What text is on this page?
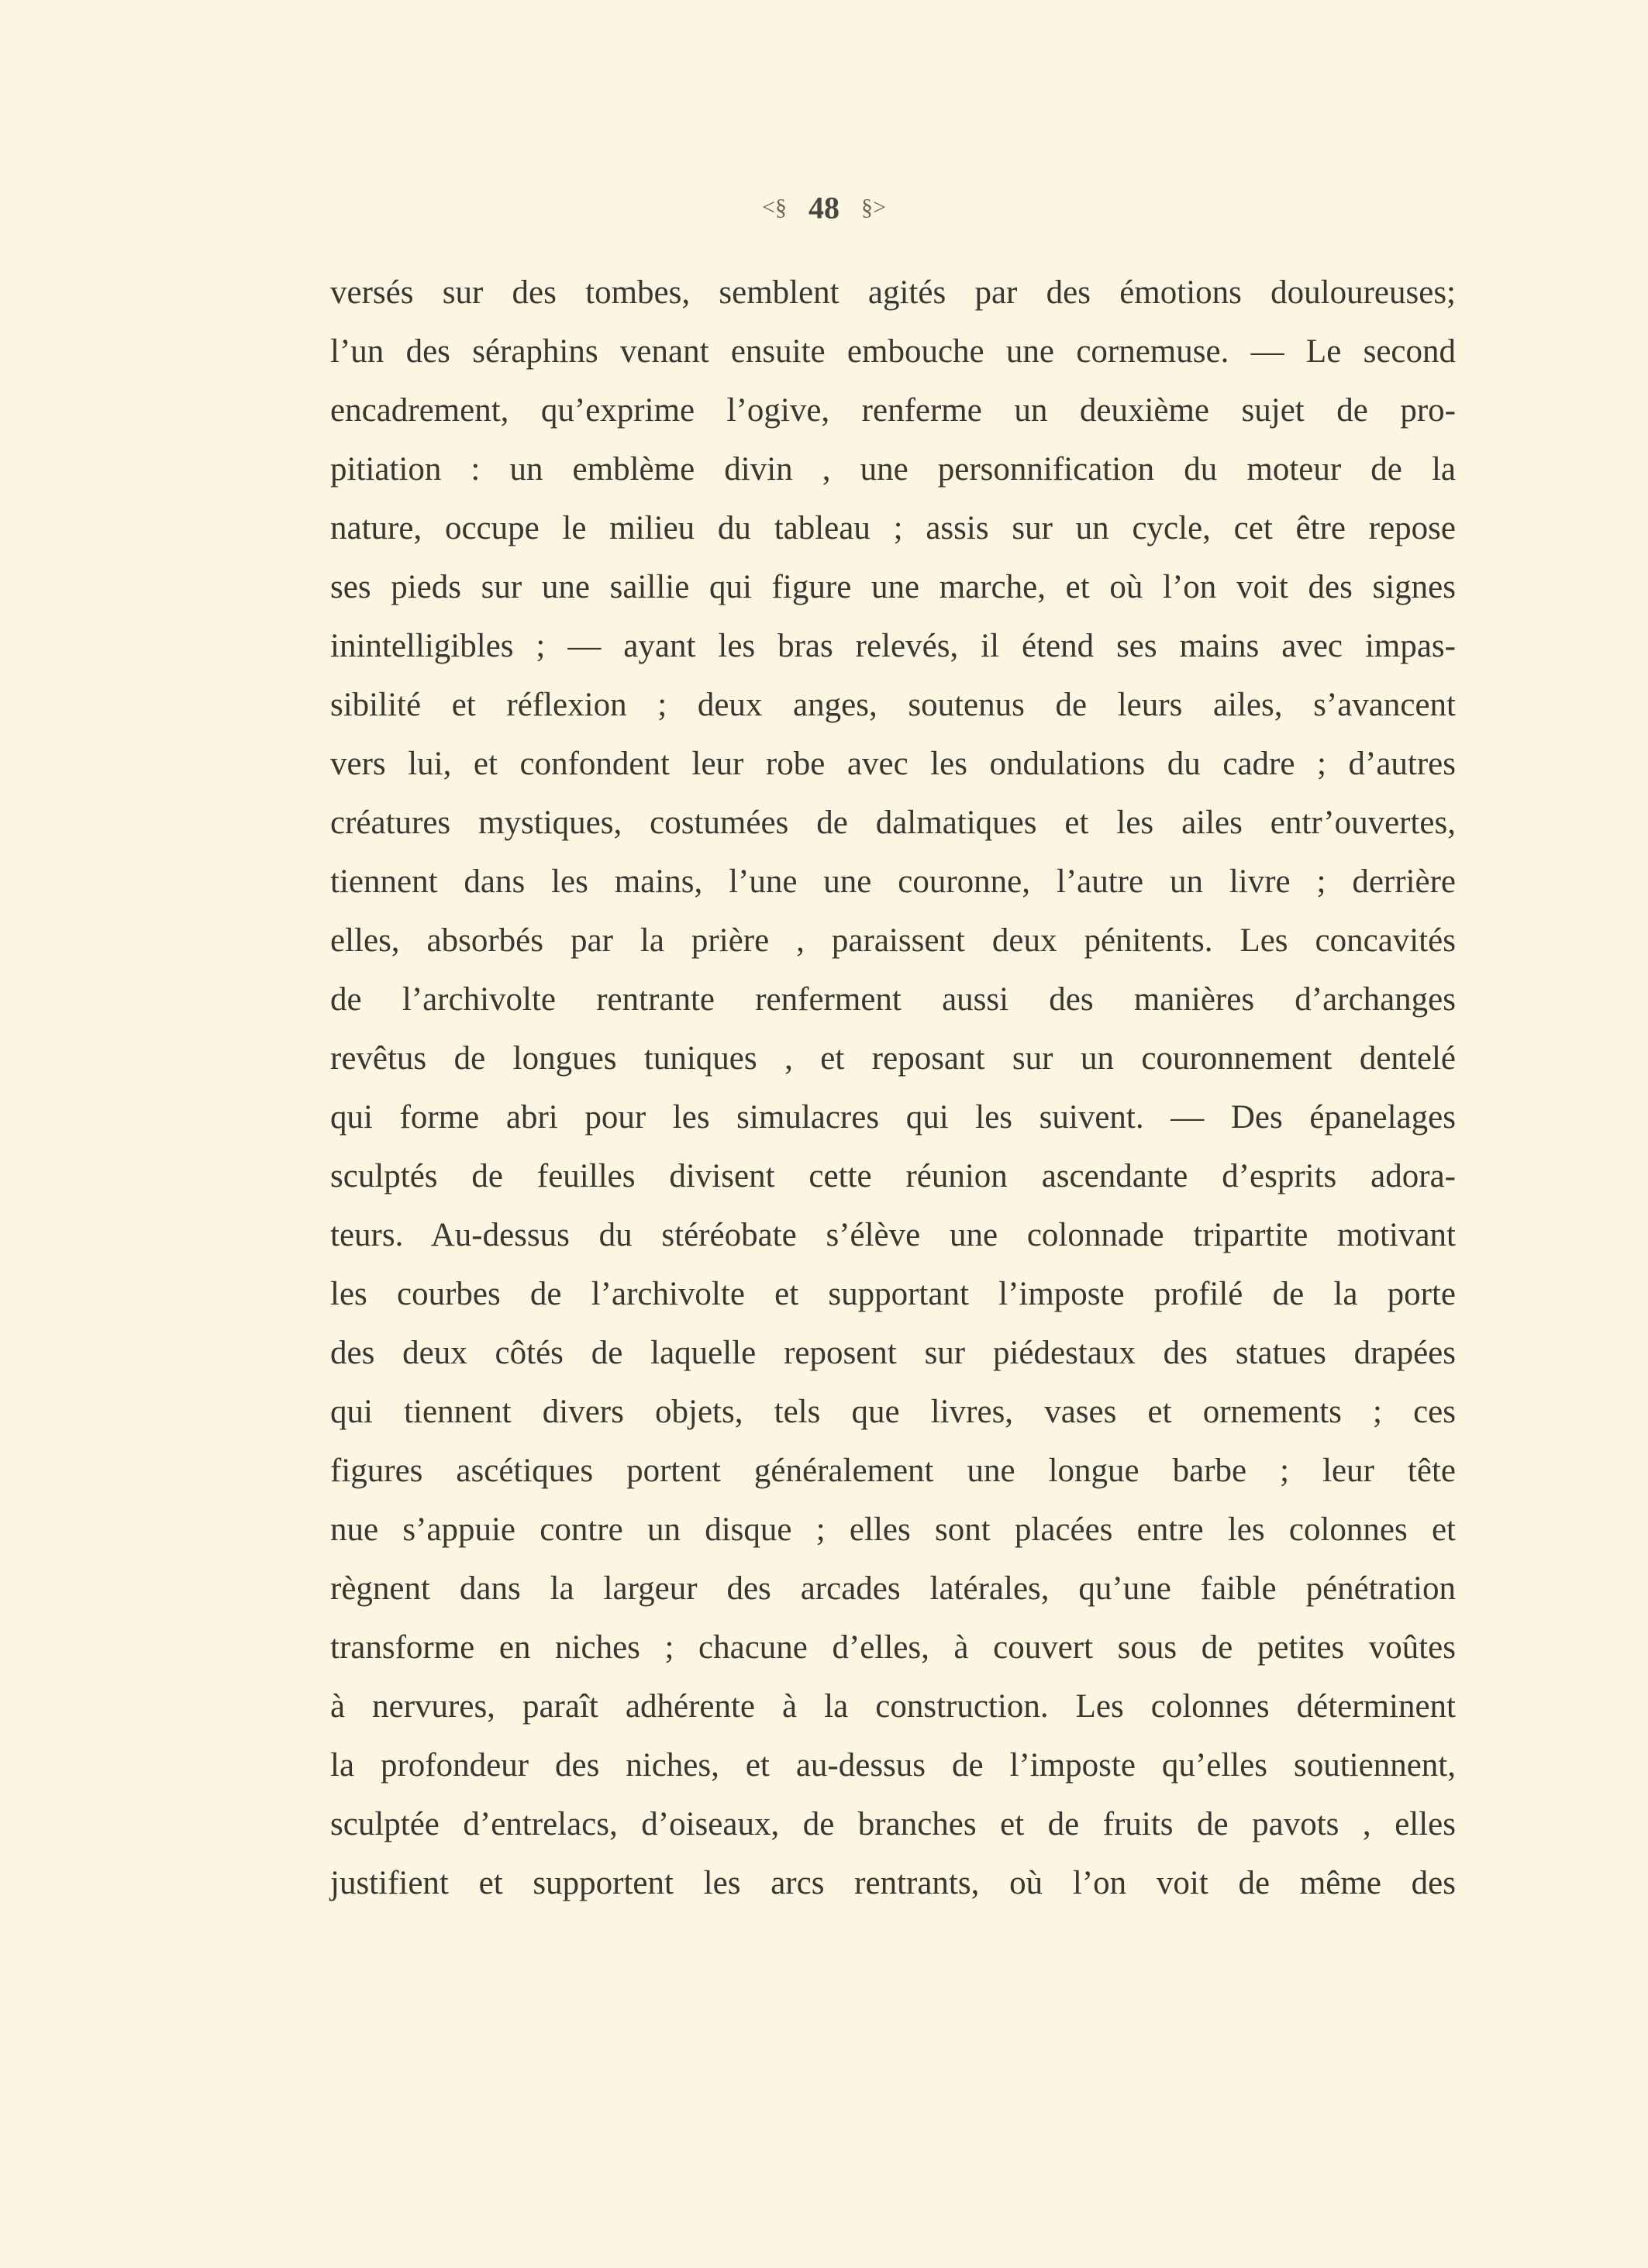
<§ 48 §>
versés sur des tombes, semblent agités par des émotions douloureuses;
l’un des séraphins venant ensuite embouche une cornemuse. — Le second
encadrement, qu’exprime l’ogive, renferme un deuxième sujet de pro-
pitiation : un emblème divin , une personnification du moteur de la
nature, occupe le milieu du tableau ; assis sur un cycle, cet être repose
ses pieds sur une saillie qui figure une marche, et où l’on voit des signes
inintelligibles ; — ayant les bras relevés, il étend ses mains avec impas-
sibilité et réflexion ; deux anges, soutenus de leurs ailes, s’avancent
vers lui, et confondent leur robe avec les ondulations du cadre ; d’autres
créatures mystiques, costumées de dalmatiques et les ailes entr’ouvertes,
tiennent dans les mains, l’une une couronne, l’autre un livre ; derrière
elles, absorbés par la prière , paraissent deux pénitents. Les concavités
de l’archivolte rentrante renferment aussi des manières d’archanges
revêtus de longues tuniques , et reposant sur un couronnement dentelé
qui forme abri pour les simulacres qui les suivent. — Des épanelages
sculptés de feuilles divisent cette réunion ascendante d’esprits adora-
teurs. Au-dessus du stéréobate s’élève une colonnade tripartite motivant
les courbes de l’archivolte et supportant l’imposte profilé de la porte
des deux côtés de laquelle reposent sur piédestaux des statues drapées
qui tiennent divers objets, tels que livres, vases et ornements ; ces
figures ascétiques portent généralement une longue barbe ; leur tête
nue s’appuie contre un disque ; elles sont placées entre les colonnes et
règnent dans la largeur des arcades latérales, qu’une faible pénétration
transforme en niches ; chacune d’elles, à couvert sous de petites voûtes
à nervures, paraît adhérente à la construction. Les colonnes déterminent
la profondeur des niches, et au-dessus de l’imposte qu’elles soutiennent,
sculptée d’entrelacs, d’oiseaux, de branches et de fruits de pavots , elles
justifient et supportent les arcs rentrants, où l’on voit de même des
